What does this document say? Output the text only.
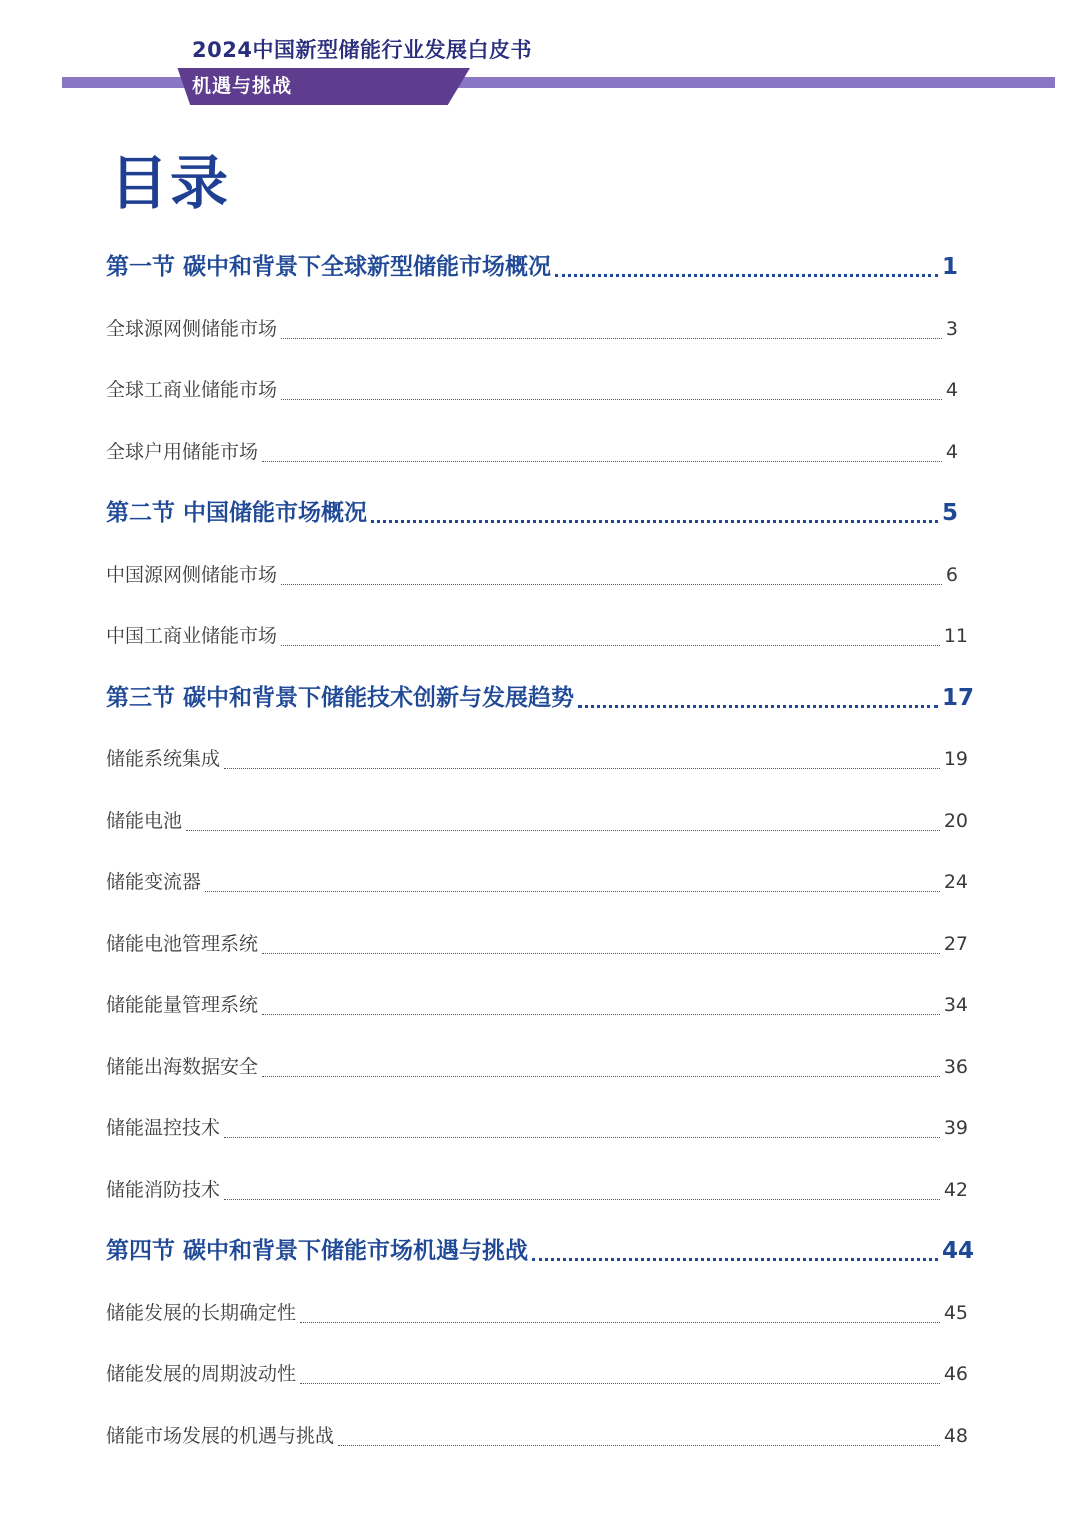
2024中国新型储能行业发展白皮书
机遇与挑战
目录
第一节 碳中和背景下全球新型储能市场概况	1
全球源网侧储能市场	3
全球工商业储能市场	4
全球户用储能市场	4
第二节 中国储能市场概况	5
中国源网侧储能市场	6
中国工商业储能市场	11
第三节 碳中和背景下储能技术创新与发展趋势	17
储能系统集成	19
储能电池	20
储能变流器	24
储能电池管理系统	27
储能能量管理系统	34
储能出海数据安全	36
储能温控技术	39
储能消防技术	42
第四节 碳中和背景下储能市场机遇与挑战	44
储能发展的长期确定性	45
储能发展的周期波动性	46
储能市场发展的机遇与挑战	48
